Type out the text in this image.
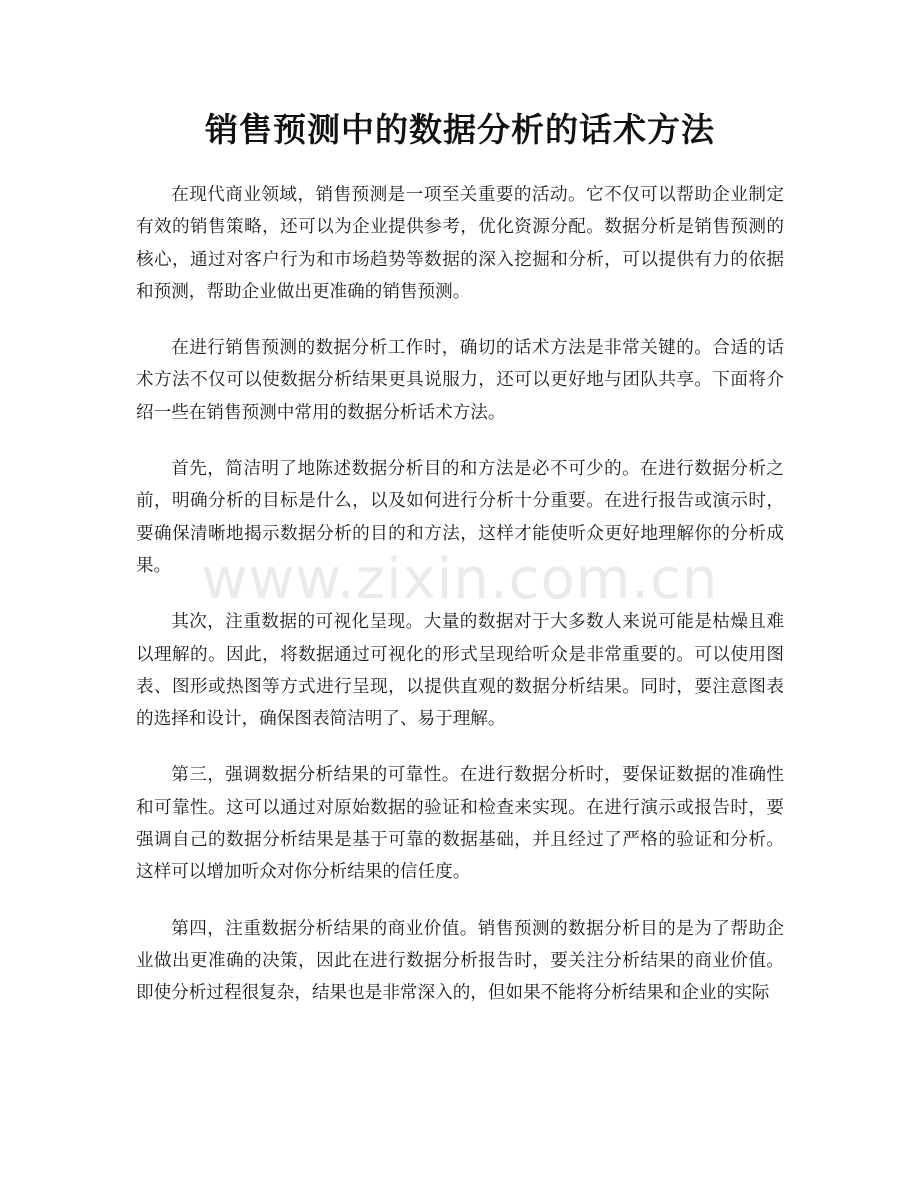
销售预测中的数据分析的话术方法

在现代商业领域，销售预测是一项至关重要的活动。它不仅可以帮助企业制定有效的销售策略，还可以为企业提供参考，优化资源分配。数据分析是销售预测的核心，通过对客户行为和市场趋势等数据的深入挖掘和分析，可以提供有力的依据和预测，帮助企业做出更准确的销售预测。

在进行销售预测的数据分析工作时，确切的话术方法是非常关键的。合适的话术方法不仅可以使数据分析结果更具说服力，还可以更好地与团队共享。下面将介绍一些在销售预测中常用的数据分析话术方法。

首先，简洁明了地陈述数据分析目的和方法是必不可少的。在进行数据分析之前，明确分析的目标是什么，以及如何进行分析十分重要。在进行报告或演示时，要确保清晰地揭示数据分析的目的和方法，这样才能使听众更好地理解你的分析成果。

其次，注重数据的可视化呈现。大量的数据对于大多数人来说可能是枯燥且难以理解的。因此，将数据通过可视化的形式呈现给听众是非常重要的。可以使用图表、图形或热图等方式进行呈现，以提供直观的数据分析结果。同时，要注意图表的选择和设计，确保图表简洁明了、易于理解。

第三，强调数据分析结果的可靠性。在进行数据分析时，要保证数据的准确性和可靠性。这可以通过对原始数据的验证和检查来实现。在进行演示或报告时，要强调自己的数据分析结果是基于可靠的数据基础，并且经过了严格的验证和分析。这样可以增加听众对你分析结果的信任度。

第四，注重数据分析结果的商业价值。销售预测的数据分析目的是为了帮助企业做出更准确的决策，因此在进行数据分析报告时，要关注分析结果的商业价值。即使分析过程很复杂，结果也是非常深入的，但如果不能将分析结果和企业的实际

www.zixin.com.cn
